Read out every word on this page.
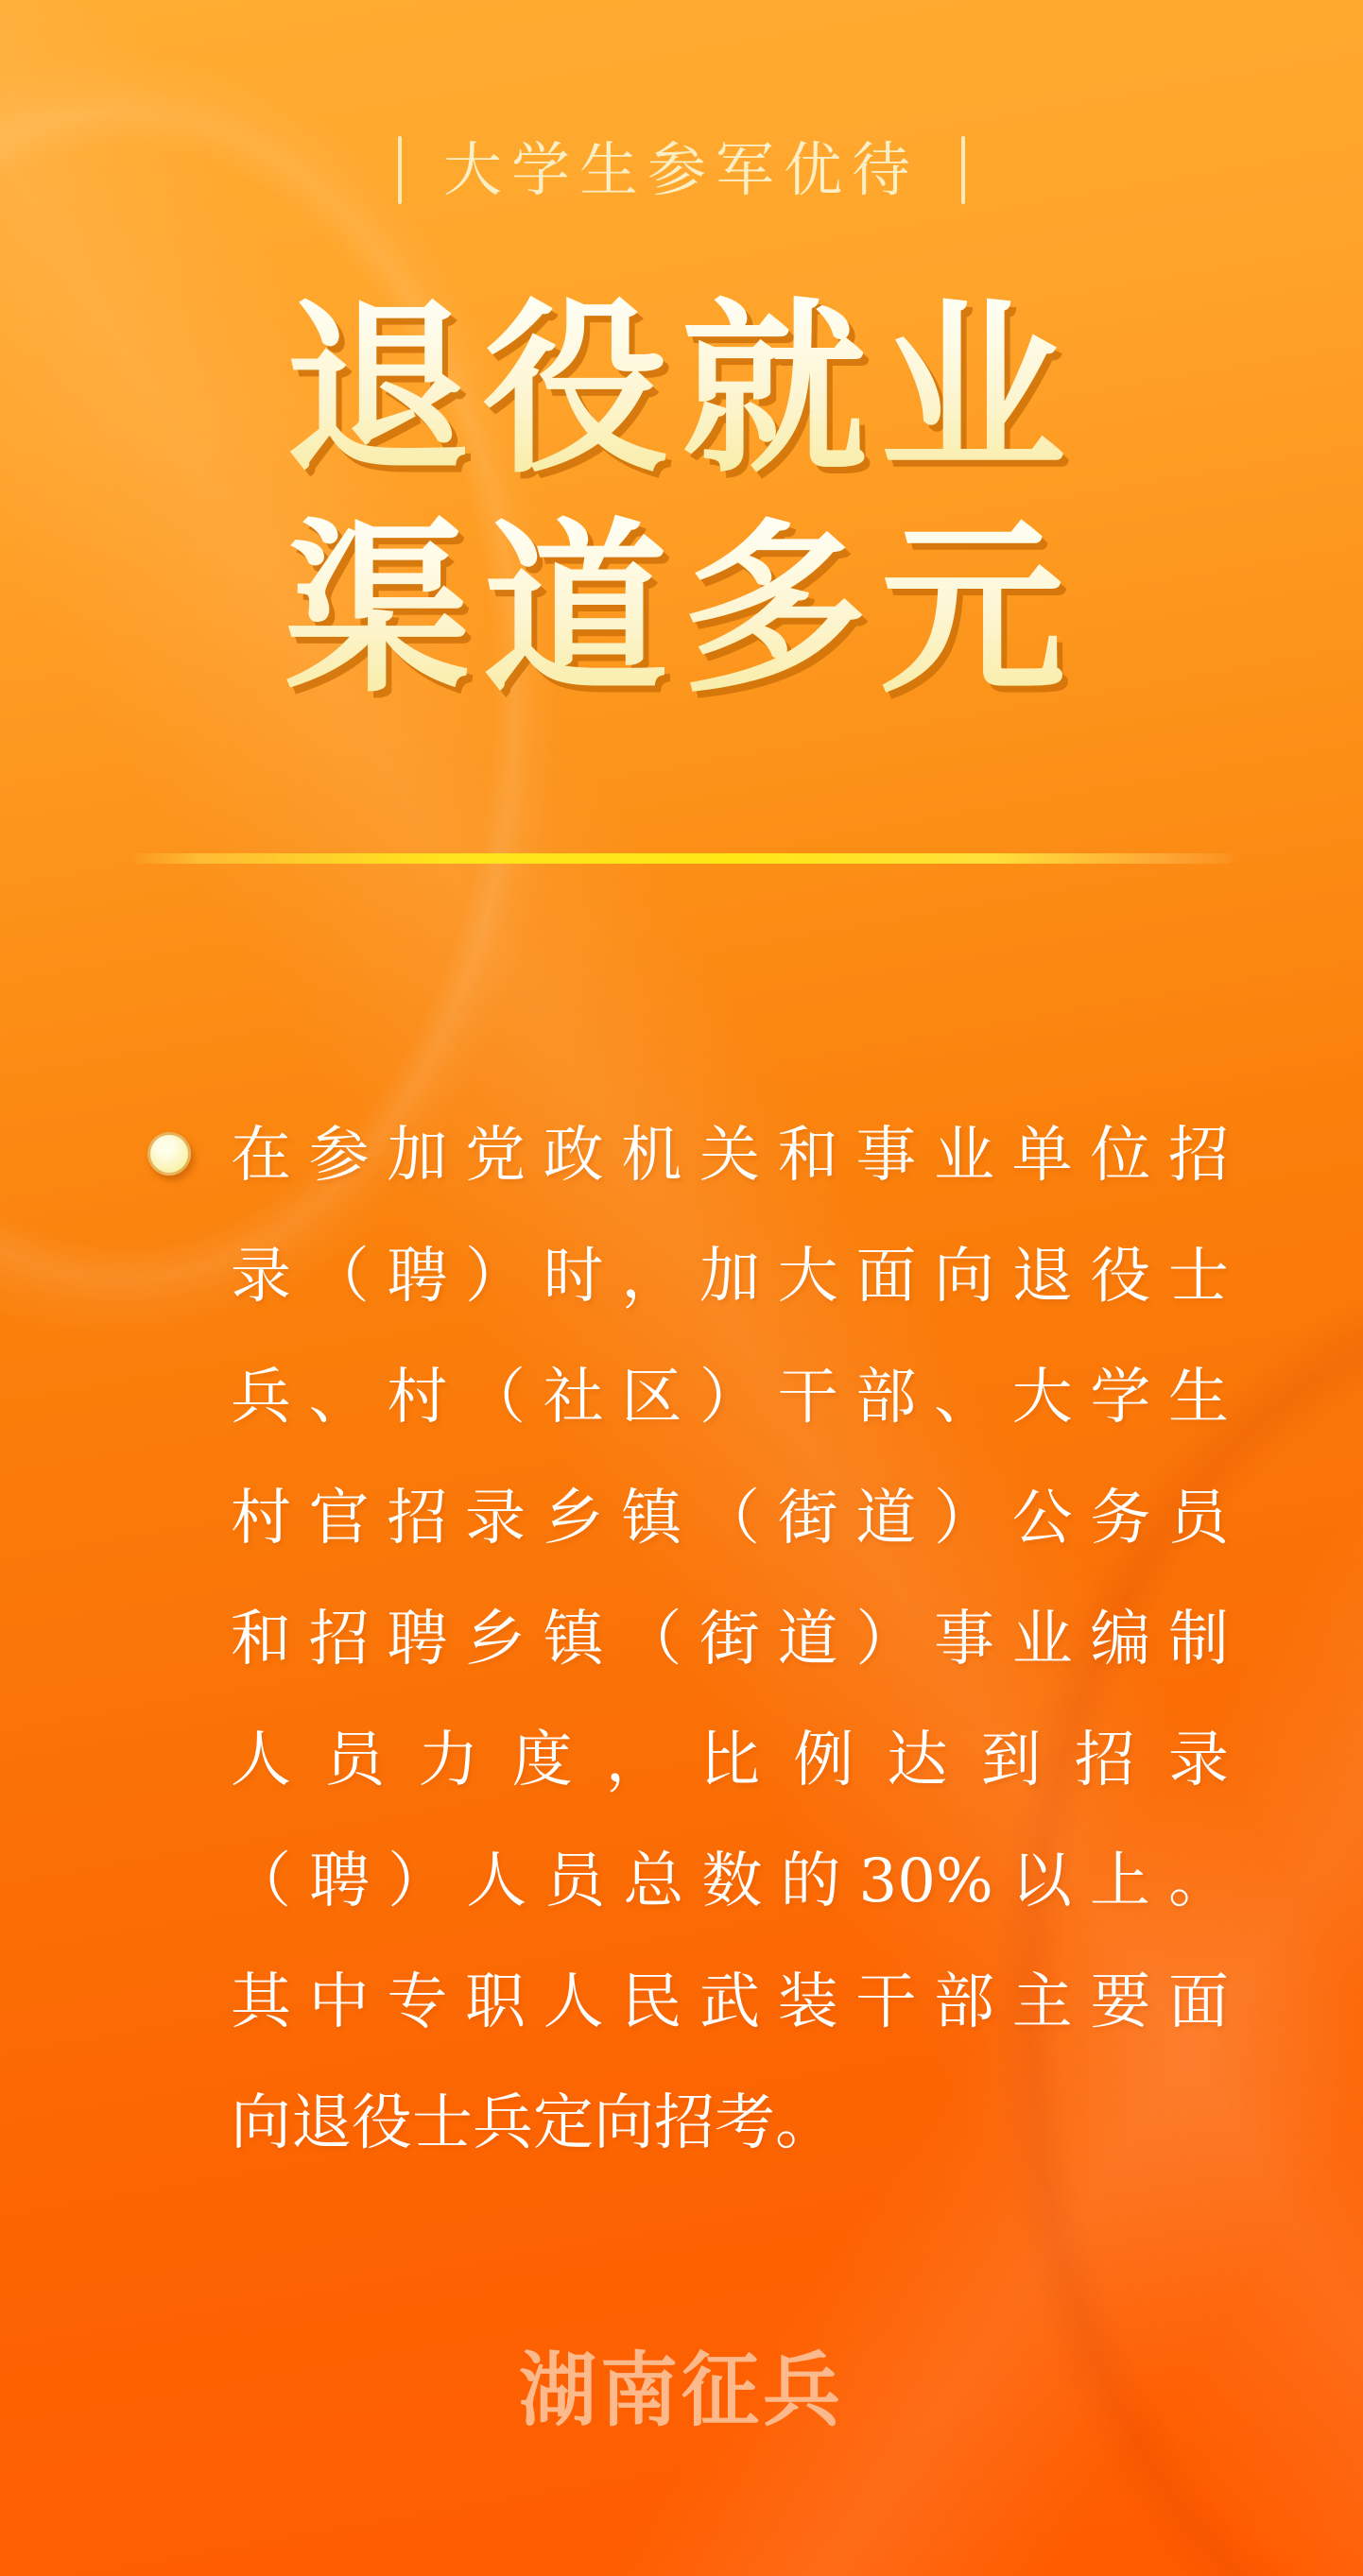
大学生参军优待
退役就业
渠道多元
在参加党政机关和事业单位招
录（聘）时，加大面向退役士
兵、村（社区）干部、大学生
村官招录乡镇（街道）公务员
和招聘乡镇（街道）事业编制
人员力度，比例达到招录
（聘）人员总数的30%以上。
其中专职人民武装干部主要面
向退役士兵定向招考。
湖南征兵
